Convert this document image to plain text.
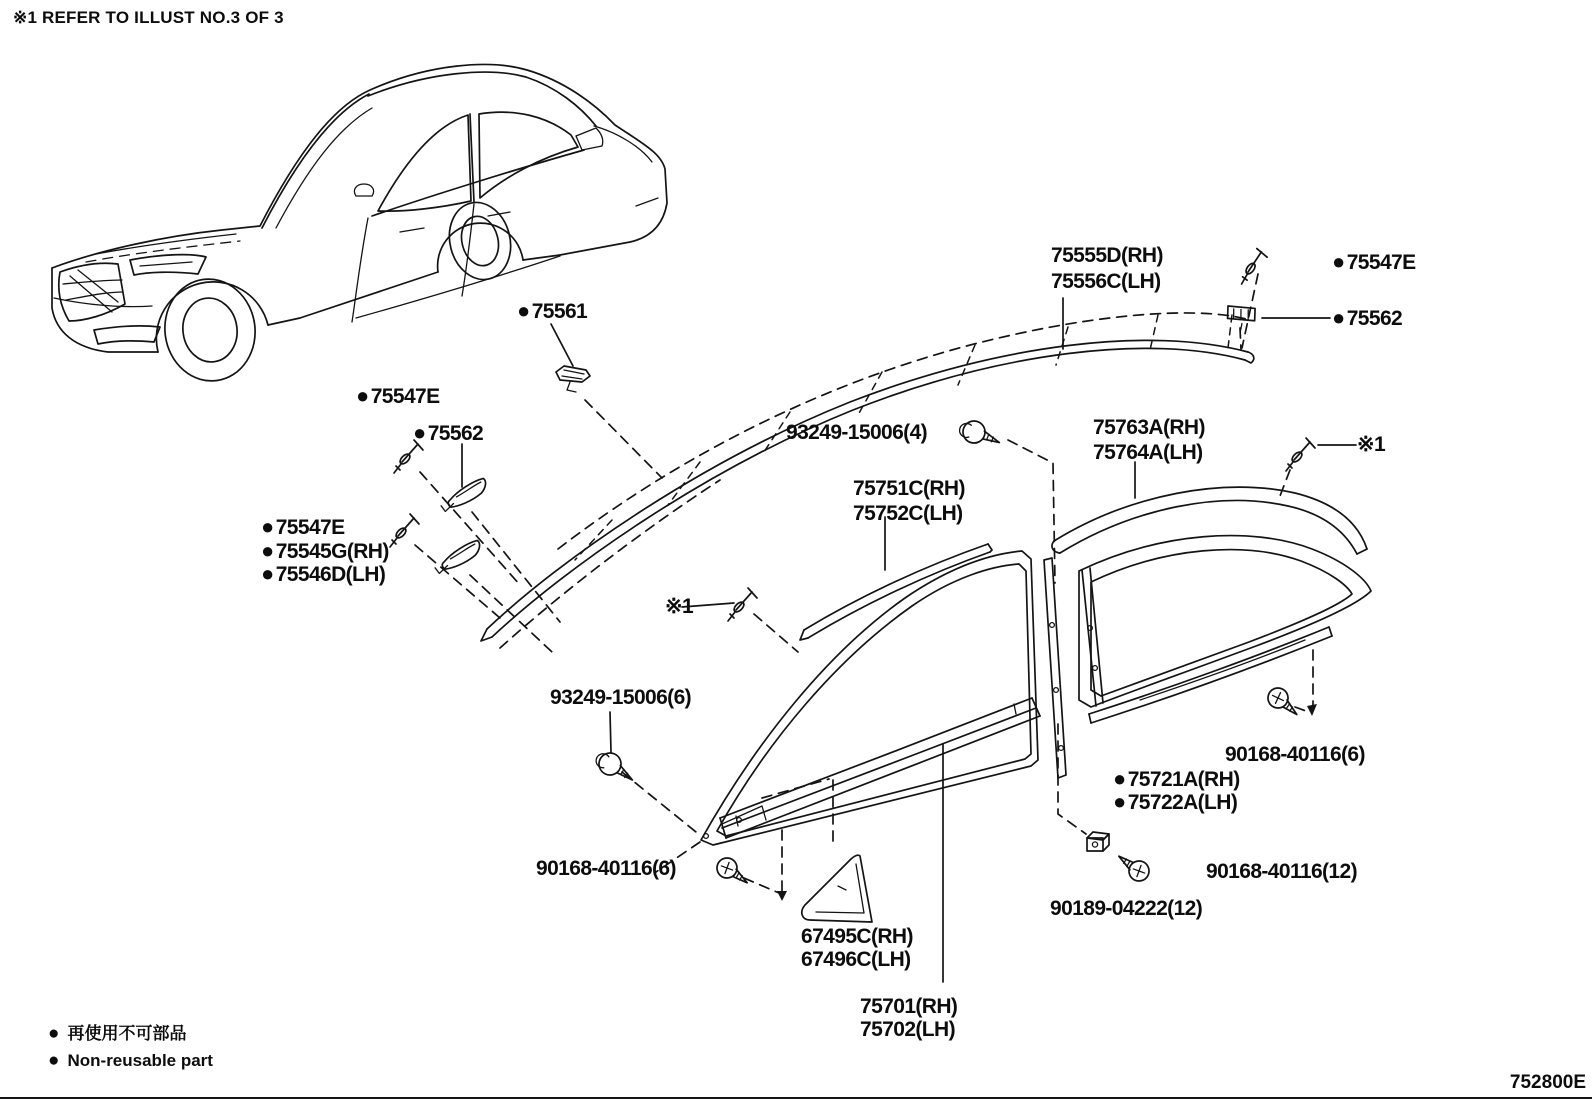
※1 REFER TO ILLUST NO.3 OF 3
75555D(RH)
75556C(LH)
●75547E
●75562
●75561
●75547E
●75562
●75547E
●75545G(RH)
●75546D(LH)
93249-15006(4)	75763A(RH)
75764A(LH)	※1
75751C(RH)
75752C(LH)
※1
93249-15006(6)
90168-40116(6)
●75721A(RH)
●75722A(LH)
90168-40116(6)	90168-40116(12)
90189-04222(12)
67495C(RH)
67496C(LH)
75701(RH)
75702(LH)
● 再使用不可部品
● Non-reusable part
752800E
